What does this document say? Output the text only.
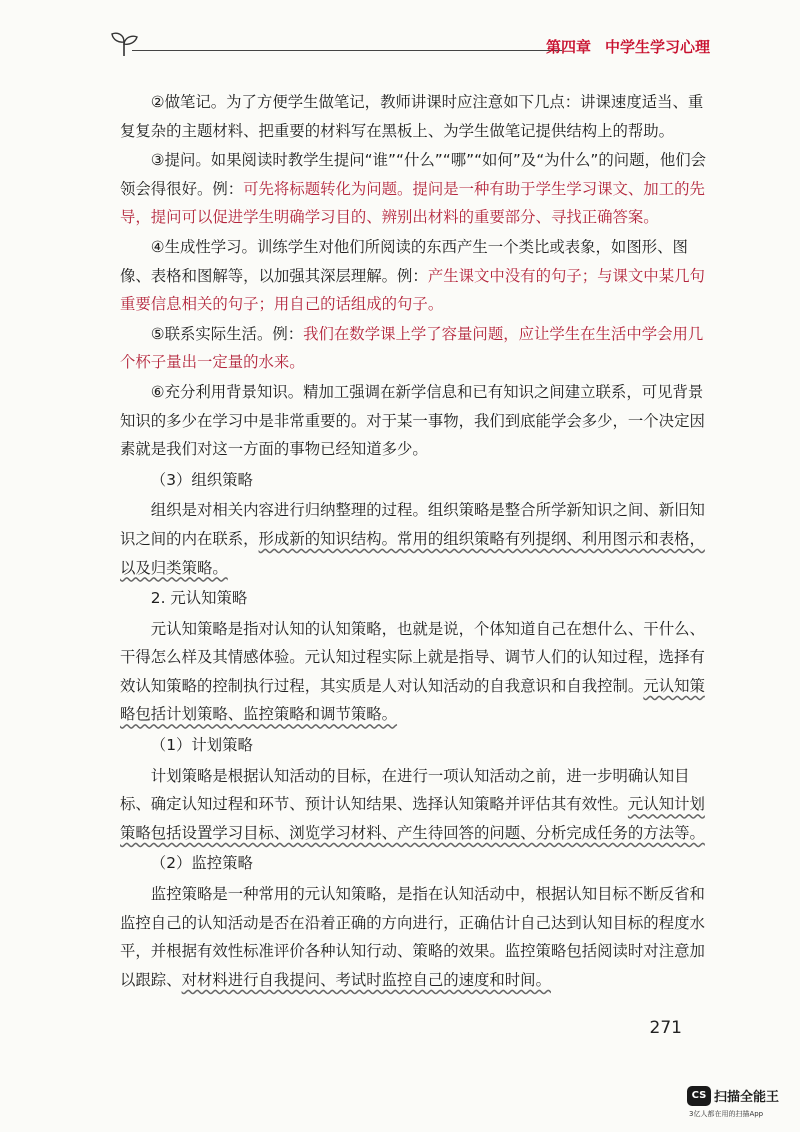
第四章 中学生学习心理

②做笔记。为了方便学生做笔记，教师讲课时应注意如下几点：讲课速度适当、重复复杂的主题材料、把重要的材料写在黑板上、为学生做笔记提供结构上的帮助。

③提问。如果阅读时教学生提问“谁”“什么”“哪”“如何”及“为什么”的问题，他们会领会得很好。例：可先将标题转化为问题。提问是一种有助于学生学习课文、加工的先导，提问可以促进学生明确学习目的、辨别出材料的重要部分、寻找正确答案。

④生成性学习。训练学生对他们所阅读的东西产生一个类比或表象，如图形、图像、表格和图解等，以加强其深层理解。例：产生课文中没有的句子；与课文中某几句重要信息相关的句子；用自己的话组成的句子。

⑤联系实际生活。例：我们在数学课上学了容量问题，应让学生在生活中学会用几个杯子量出一定量的水来。

⑥充分利用背景知识。精加工强调在新学信息和已有知识之间建立联系，可见背景知识的多少在学习中是非常重要的。对于某一事物，我们到底能学会多少，一个决定因素就是我们对这一方面的事物已经知道多少。

（3）组织策略

组织是对相关内容进行归纳整理的过程。组织策略是整合所学新知识之间、新旧知识之间的内在联系，形成新的知识结构。常用的组织策略有列提纲、利用图示和表格，以及归类策略。

2. 元认知策略

元认知策略是指对认知的认知策略，也就是说，个体知道自己在想什么、干什么、干得怎么样及其情感体验。元认知过程实际上就是指导、调节人们的认知过程，选择有效认知策略的控制执行过程，其实质是人对认知活动的自我意识和自我控制。元认知策略包括计划策略、监控策略和调节策略。

（1）计划策略

计划策略是根据认知活动的目标，在进行一项认知活动之前，进一步明确认知目标、确定认知过程和环节、预计认知结果、选择认知策略并评估其有效性。元认知计划策略包括设置学习目标、浏览学习材料、产生待回答的问题、分析完成任务的方法等。

（2）监控策略

监控策略是一种常用的元认知策略，是指在认知活动中，根据认知目标不断反省和监控自己的认知活动是否在沿着正确的方向进行，正确估计自己达到认知目标的程度水平，并根据有效性标准评价各种认知行动、策略的效果。监控策略包括阅读时对注意加以跟踪、对材料进行自我提问、考试时监控自己的速度和时间。

271
CS 扫描全能王
3亿人都在用的扫描App
